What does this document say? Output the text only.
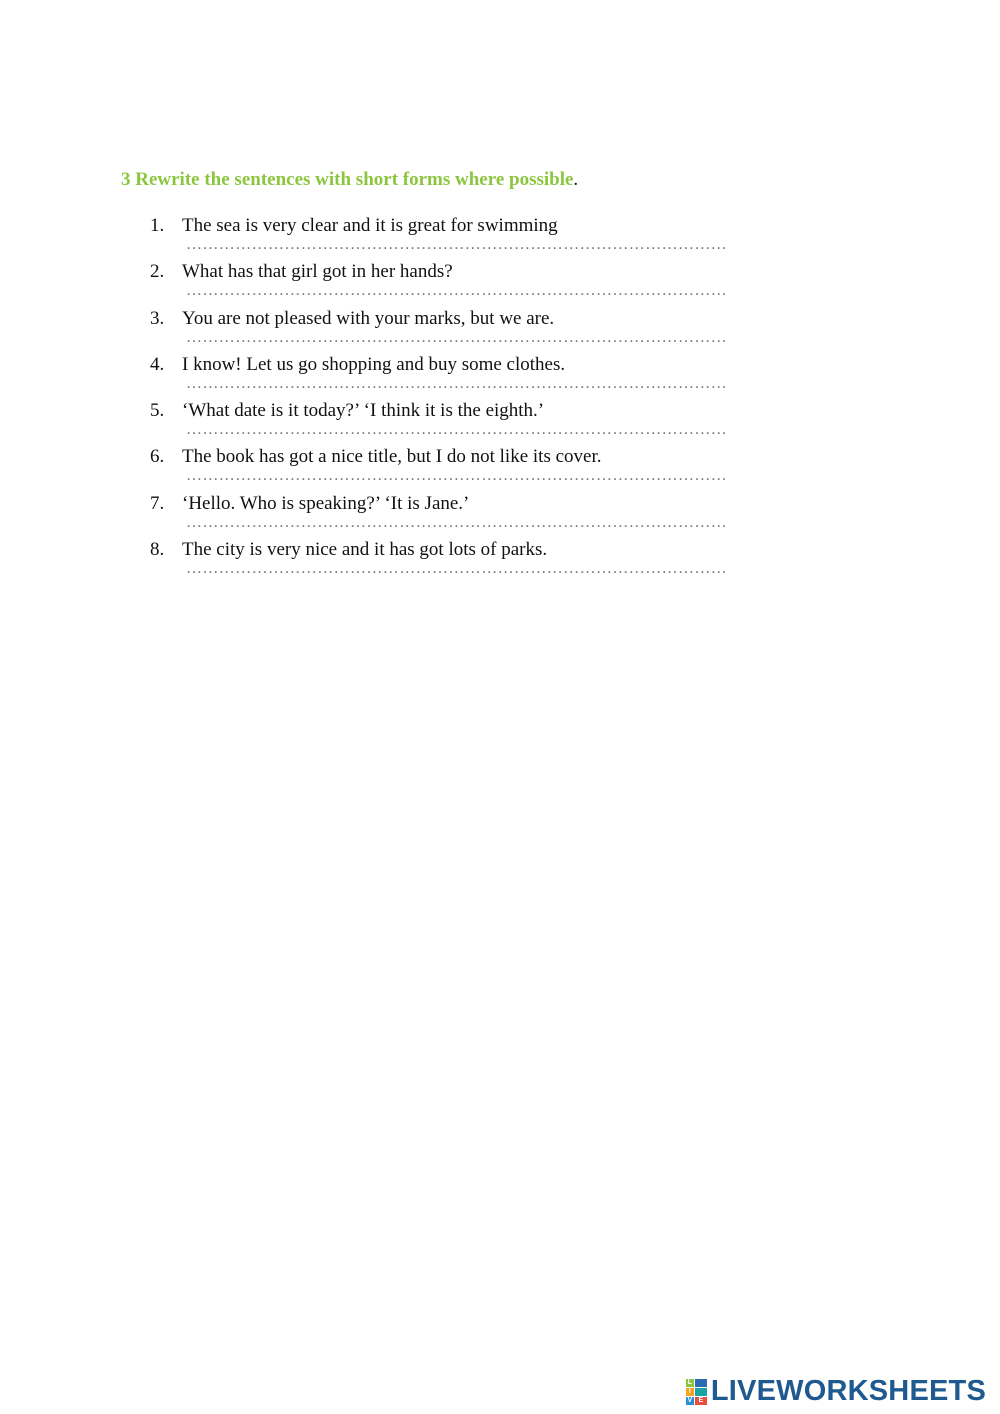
3 Rewrite the sentences with short forms where possible.
1. The sea is very clear and it is great for swimming
………………………………………………………………………………………
2. What has that girl got in her hands?
………………………………………………………………………………………
3. You are not pleased with your marks, but we are.
………………………………………………………………………………………
4. I know! Let us go shopping and buy some clothes.
………………………………………………………………………………………
5. ‘What date is it today?’ ‘I think it is the eighth.’
………………………………………………………………………………………
6. The book has got a nice title, but I do not like its cover.
………………………………………………………………………………………
7. ‘Hello. Who is speaking?’ ‘It is Jane.’
………………………………………………………………………………………
8. The city is very nice and it has got lots of parks.
………………………………………………………………………………………
L
I
V E LIVEWORKSHEETS
